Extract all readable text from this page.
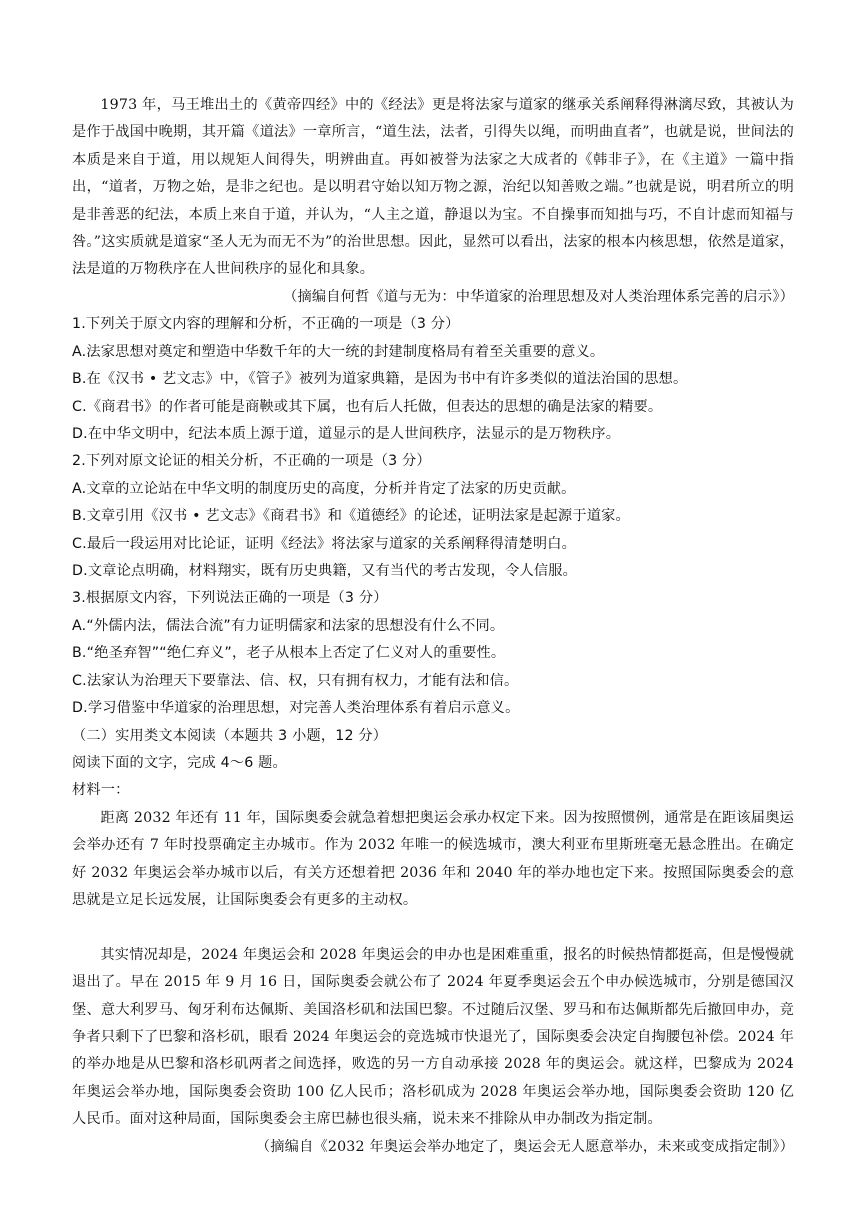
1973 年，马王堆出土的《黄帝四经》中的《经法》更是将法家与道家的继承关系阐释得淋漓尽致，其被认为是作于战国中晚期，其开篇《道法》一章所言，“道生法，法者，引得失以绳，而明曲直者”，也就是说，世间法的本质是来自于道，用以规矩人间得失，明辨曲直。再如被誉为法家之大成者的《韩非子》，在《主道》一篇中指出，“道者，万物之始，是非之纪也。是以明君守始以知万物之源，治纪以知善败之端。”也就是说，明君所立的明是非善恶的纪法，本质上来自于道，并认为，“人主之道，静退以为宝。不自操事而知拙与巧，不自计虑而知福与咎。”这实质就是道家“圣人无为而无不为”的治世思想。因此，显然可以看出，法家的根本内核思想，依然是道家，法是道的万物秩序在人世间秩序的显化和具象。

（摘编自何哲《道与无为：中华道家的治理思想及对人类治理体系完善的启示》）

1.下列关于原文内容的理解和分析，不正确的一项是（3 分）

A.法家思想对奠定和塑造中华数千年的大一统的封建制度格局有着至关重要的意义。

B.在《汉书 • 艺文志》中，《管子》被列为道家典籍，是因为书中有许多类似的道法治国的思想。

C.《商君书》的作者可能是商鞅或其下属，也有后人托做，但表达的思想的确是法家的精要。

D.在中华文明中，纪法本质上源于道，道显示的是人世间秩序，法显示的是万物秩序。

2.下列对原文论证的相关分析，不正确的一项是（3 分）

A.文章的立论站在中华文明的制度历史的高度，分析并肯定了法家的历史贡献。

B.文章引用《汉书 • 艺文志》《商君书》和《道德经》的论述，证明法家是起源于道家。

C.最后一段运用对比论证，证明《经法》将法家与道家的关系阐释得清楚明白。

D.文章论点明确，材料翔实，既有历史典籍，又有当代的考古发现，令人信服。

3.根据原文内容，下列说法正确的一项是（3 分）

A.“外儒内法，儒法合流”有力证明儒家和法家的思想没有什么不同。

B.“绝圣弃智”“绝仁弃义”，老子从根本上否定了仁义对人的重要性。

C.法家认为治理天下要靠法、信、权，只有拥有权力，才能有法和信。

D.学习借鉴中华道家的治理思想，对完善人类治理体系有着启示意义。

（二）实用类文本阅读（本题共 3 小题，12 分）

阅读下面的文字，完成 4～6 题。

材料一：

距离 2032 年还有 11 年，国际奥委会就急着想把奥运会承办权定下来。因为按照惯例，通常是在距该届奥运会举办还有 7 年时投票确定主办城市。作为 2032 年唯一的候选城市，澳大利亚布里斯班毫无悬念胜出。在确定好 2032 年奥运会举办城市以后，有关方还想着把 2036 年和 2040 年的举办地也定下来。按照国际奥委会的意思就是立足长远发展，让国际奥委会有更多的主动权。

其实情况却是，2024 年奥运会和 2028 年奥运会的申办也是困难重重，报名的时候热情都挺高，但是慢慢就退出了。早在 2015 年 9 月 16 日，国际奥委会就公布了 2024 年夏季奥运会五个申办候选城市，分别是德国汉堡、意大利罗马、匈牙利布达佩斯、美国洛杉矶和法国巴黎。不过随后汉堡、罗马和布达佩斯都先后撤回申办，竞争者只剩下了巴黎和洛杉矶，眼看 2024 年奥运会的竞选城市快退光了，国际奥委会决定自掏腰包补偿。2024 年的举办地是从巴黎和洛杉矶两者之间选择，败选的另一方自动承接 2028 年的奥运会。就这样，巴黎成为 2024 年奥运会举办地，国际奥委会资助 100 亿人民币；洛杉矶成为 2028 年奥运会举办地，国际奥委会资助 120 亿人民币。面对这种局面，国际奥委会主席巴赫也很头痛，说未来不排除从申办制改为指定制。

（摘编自《2032 年奥运会举办地定了，奥运会无人愿意举办，未来或变成指定制》）
